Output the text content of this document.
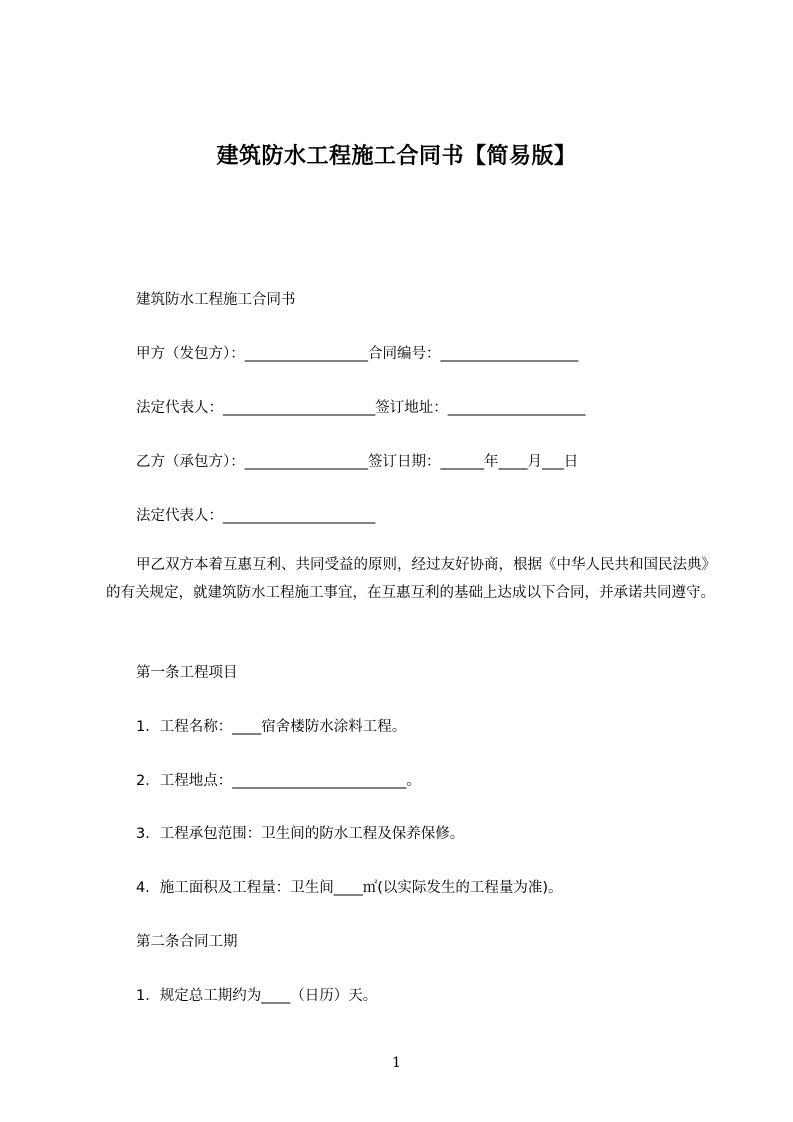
建筑防水工程施工合同书【简易版】
建筑防水工程施工合同书
甲方（发包方）：_________________合同编号：___________________
法定代表人：_____________________签订地址：___________________
乙方（承包方）：_________________签订日期：______年____月___日
法定代表人：_____________________
甲乙双方本着互惠互利、共同受益的原则，经过友好协商，根据《中华人民共和国民法典》的有关规定，就建筑防水工程施工事宜，在互惠互利的基础上达成以下合同，并承诺共同遵守。
第一条工程项目
1．工程名称：____宿舍楼防水涂料工程。
2．工程地点：________________________。
3．工程承包范围：卫生间的防水工程及保养保修。
4．施工面积及工程量：卫生间____㎡(以实际发生的工程量为准)。
第二条合同工期
1．规定总工期约为____（日历）天。
1
